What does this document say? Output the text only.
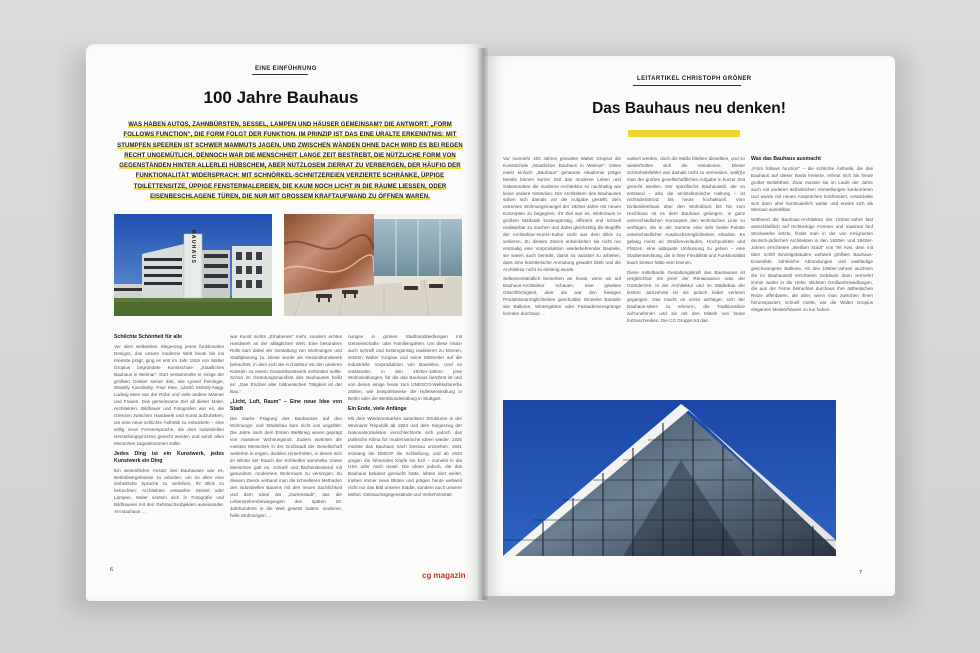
EINE EINFÜHRUNG
100 Jahre Bauhaus
WAS HABEN AUTOS, ZAHNBÜRSTEN, SESSEL, LAMPEN UND HÄUSER GEMEINSAM? DIE ANTWORT: „FORM FOLLOWS FUNCTION", DIE FORM FOLGT DER FUNKTION. IM PRINZIP IST DAS EINE URALTE ERKENNTNIS: MIT STUMPFEN SPEEREN IST SCHWER MAMMUTS JAGEN, UND ZWISCHEN WÄNDEN OHNE DACH WIRD ES BEI REGEN RECHT UNGEMÜTLICH. DENNOCH WAR DIE MENSCHHEIT LANGE ZEIT BESTREBT, DIE NÜTZLICHE FORM VON GEGENSTÄNDEN HINTER ALLERLEI HÜBSCHEM, ABER NUTZLOSEM ZIERRAT ZU VERBERGEN, DER HÄUFIG DER FUNKTIONALITÄT WIDERSPRACH: MIT SCHNÖRKEL-SCHNITZEREIEN VERZIERTE SCHRÄNKE, ÜPPIGE TOILETTENSITZE, ÜPPIGE FENSTERMALEREIEN, DIE KAUM NOCH LICHT IN DIE RÄUME LIESSEN, ODER EISENBESCHLAGENE TÜREN, DIE NUR MIT GROSSEM KRAFTAUFWAND ZU ÖFFNEN WAREN.
BAUHAUS

Schlichte Schönheit für alle

Vor dem weltweiten Siegeszug jenes funktionalen Designs, das unsere moderne Welt heute bis ins Kleinste prägt, ging es erst im Jahr 1919 von Walter Gropius begründete Kunstschule „Staatliches Bauhaus in Weimar". Dort versammelte er einige der größten Geister seiner Zeit, wie Lyonel Feininger, Wassily Kandinsky, Paul Klee, László Moholy-Nagy, Ludwig Mies van der Rohe und viele andere Männer und Frauen. Das gemeinsame Ziel all dieser Maler, Architekten, Bildhauer und Fotografen war es, die Grenzen zwischen Handwerk und Kunst aufzuheben, um eine neue schlichte Ästhetik zu entwickeln – eine völlig neue Formensprache, die dem industriellen Herstellungsprozess gerecht werden und somit allen Menschen zugutekommen sollte.

Jedes Ding ist ein Kunstwerk, jedes Kunstwerk ein Ding

Ein wesentlicher Ansatz des Bauhauses war es, Betriebsergebnisse zu arbeiten, um so allen eine einheitliche Sprache zu verleihen. Ihr Blick zu betrachten: Architekten entwarfen Sessel oder Lampen, Maler setzten sich in Fotografie und Bildhauerei mit den Gebrauchsobjekten auseinander. Am Bauhaus …

war Kunst nichts „Erhabenes" mehr, sondern echtes Handwerk an der alltäglichen Welt. Eine besondere Rolle kam dabei der Gestaltung von Wohnungen und Stadtplanung zu. Diese wurde als Gesamtkunstwerk betrachtet, in dem sich die Architektur mit den anderen Künsten zu einem Gesamtkunstwerk verbinden sollte. Schon im Gründungsmanifest des Bauhauses heißt es: „Das Endziel aller bildnerischen Tätigkeit ist der Bau."

„Licht, Luft, Raum" – Eine neue Idee von Stadt

Die starke Prägung des Bauhauses auf den Wohnungs- und Städtebau kam nicht von ungefähr. Die Jahre nach dem Ersten Weltkrieg waren geprägt von massiver Wohnungsnot. Zudem wohnten die meisten Menschen in der Großstadt der Gesellschaft weiterhin in engen, dunklen Hinterhöfen, in denen sich im Winter der Rauch der Kohleöfen sammelte. Diese Menschen galt es, schnell und flächendeckend mit gesundem, modernem Wohnraum zu versorgen. Zu diesem Zweck verband man die schnelleren Methoden des industriellen Bauens mit den neuen Sachlichkeit und dem Ideal der „Gartenstadt", das die Lebensreformbewegungen des späten 19. Jahrhunderts in die Welt gesetzt hatten: moderne, helle Wohnungen …

nungen in grünen Stadtrandsiedlungen mit Gemeinschafts- oder Familiengärten. Um diese Vision auch schnell und kostengünstig realisieren zu können, setzten Walter Gropius und seine Mitstreiter auf die industrielle Vorproduktion von Bauteilen. Und so entstanden in den 1920er-Jahren jene Wohnsiedlungen, für die das Bauhaus berühmt ist und von denen einige heute zum UNESCO-Weltkulturerbe zählen, wie beispielsweise die Hufeisensiedlung in Berlin oder die Werkbundsiedlung in Stuttgart.

Ein Ende, viele Anfänge

Mit dem Wiedererstarken autoritärer Strukturen in der Weimarer Republik ab 1924 und dem Siegeszug der Nationalsozialisten verschlechterte sich jedoch das politische Klima für modernistische Ideen wieder. 1925 musste das Bauhaus nach Dessau umziehen. 1931 erzwang die NSDAP die Schließung, und ab 1933 gingen die führenden Köpfe ins Exil – zumeist in die USA oder nach Israel. Die Ideen jedoch, die das Bauhaus bekannt gemacht hatte, lebten dort weiter, trieben immer neue Blüten und prägen heute weltweit nicht nur das Bild unserer Städte, sondern auch unserer Möbel, Gebrauchsgegenstände und Verkehrsmittel.

6
cg magazin
LEITARTIKEL CHRISTOPH GRÖNER
Das Bauhaus neu denken!

Vor nunmehr 100 Jahren gründete Walter Gropius die Kunstschule „Staatliches Bauhaus in Weimar". Diese meist einfach „Bauhaus" genannte Akademie prägte bereits binnen kurzer Zeit das moderne Leben und insbesondere die moderne Architektur so nachhaltig wie keine andere Institution. Die Architekten des Bauhauses sahen sich damals vor die Aufgabe gestellt, dem extremen Wohnungsmangel der 1920er-Jahre mit neuen Konzepten zu begegnen. Ihr Ziel war es, Wohnraum in großem Maßstab kostengünstig, effizient und schnell realisierbar zu machen und dabei gleichzeitig die Begriffe der Architektur–Kunst–Kultur nicht aus dem Blick zu verlieren. Zu diesem Zweck entwickelten sie nicht nur erstmalig eine Vorproduktion wiederkehrender Bauteile, sie waren auch bemüht, damit so variabel zu arbeiten, dass eine künstlerische Anmutung gewahrt blieb und die Architektur nicht zu eintönig wurde.

Selbstverständlich bemerken wir heute, wenn wir auf Bauhaus-Architektur schauen, eine gewisse Gleichförmigkeit, aber die war den hiesigen Produktionsmöglichkeiten geschuldet: Einzelne Bauteile wie Balkone, Wintergärten oder Fassadenvorsprünge konnten durchaus …

variiert werden, doch die Maße blieben dieselben, und so wiederholten sich die Variationen. Dieser Schönheitsfehler war damals nicht zu vermeiden, woll(t)e man der großen gesellschaftlichen Aufgabe in kurzer Zeit gerecht werden. Der spezifische Bauhausstil, der so entstand – also die architektonische Haltung – ist nichtsdestotrotz bis heute hochaktuell. Vom Einfamilienhaus über den Wohnblock bis hin zum Hochhaus ist es dem Bauhaus gelungen, in ganz unterschiedlichen Konzepten den technischen Linie zu verfolgen, die in der Summe eine sehr breite Palette unterschiedlicher Ausdrucksmöglichkeiten erlaubte. Es gelang meist an Straßenverläufen, Hochpunkten und Plätzen, eine adäquate Umfassung zu geben – eine Stadtentwicklung, die in ihrer Flexibilität und Funktionalität kaum besser hätte sein können.

Diese mittelbarde Gestaltungskraft des Bauhauses ist vergleichbar mit jener der Renaissance oder der Gründerzeit. In der Architektur und im Städtebau der letzten Jahrzehnte ist sie jedoch leider verloren gegangen. Das macht es umso wichtiger, sich der Bauhaus-Ideen zu erinnern, die Traditionslinie aufzunehmen und sie mit den Mitteln von heute fortzuschreiben. Die CG Gruppe tut das.

Was das Bauhaus ausmacht

„Form follows function" – die schlichte Ästhetik, die das Bauhaus auf dieser Basis kreierte, erfreut sich bis heute großer Beliebtheit. Zwar musste sie im Laufe der Jahre auch mit anderen ästhetischen Vorstellungen konkurrieren und wurde mit neuen Ansprüchen konfrontiert, entwickelte sich dann aber kontinuierlich weiter und erwies sich als überaus wandelbar.

Während die Bauhaus-Architektur der 1920er-Jahre fast ausschließlich auf rechteckige Formen und maximal fünf Stockwerke setzte, findet man in der von emigrierten deutsch-jüdischen Architekten in den 1930er- und 1940er-Jahren errichteten „Weißen Stadt" von Tel Aviv, dem mit über 4.000 Einzelgebäuden weltweit größten Bauhaus-Ensemble, zahlreiche Abrundungen und weitläufige geschwungene Balkone. Ab den 1960er-Jahren wuchsen die im Bauhausstil errichteten Gebäude dann vermehrt immer weiter in die Höhe. Bildeten Großwohnsiedlungen, die aus der Ferne betrachtet durchaus ihre ästhetischen Reize offenbaren, die aber, wenn man zwischen ihnen herumspaziert, schnell merkt, wie die Walter Gropius eleganten Meisterhäuser zu tun haben.

7
